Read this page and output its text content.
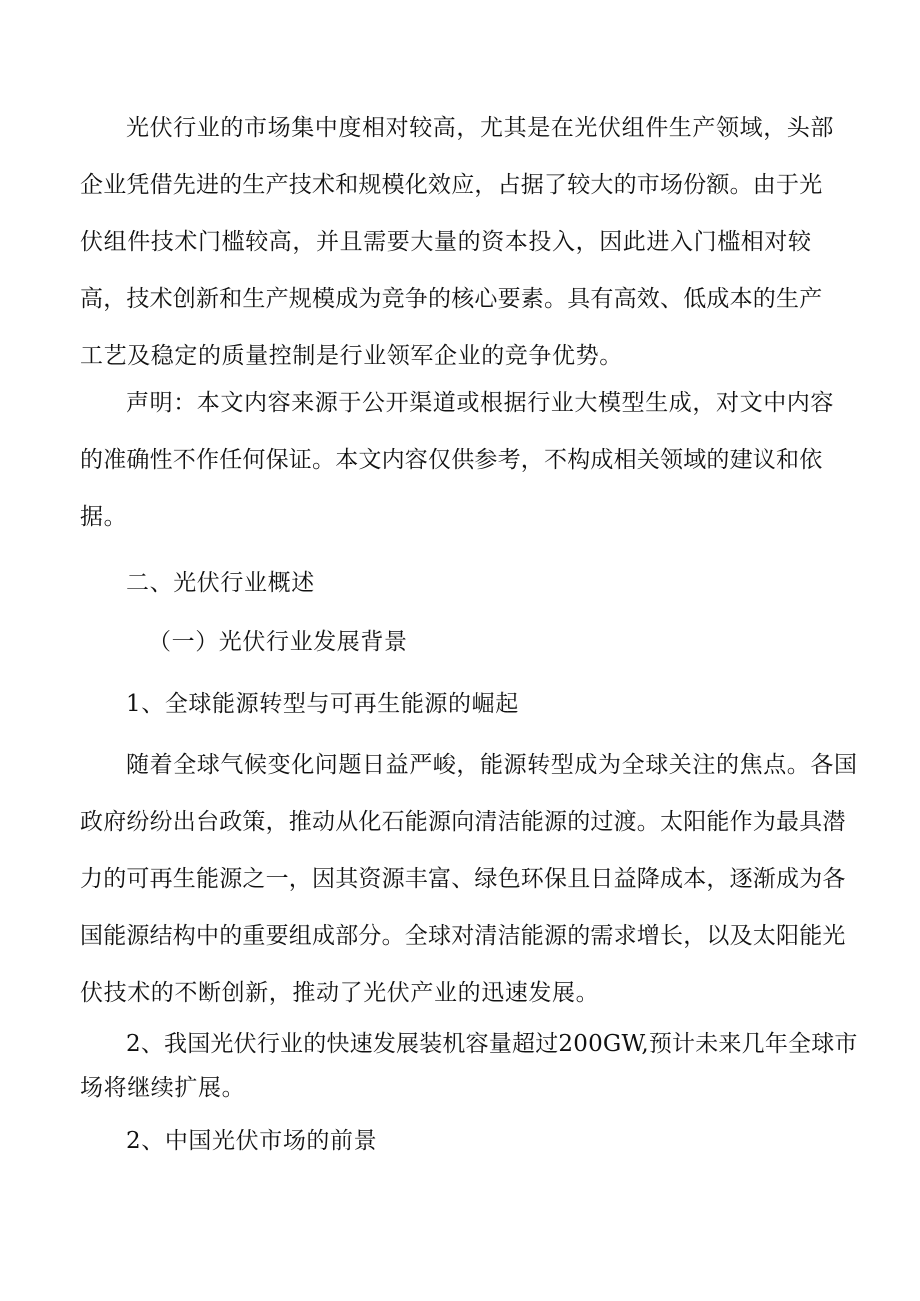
光伏行业的市场集中度相对较高，尤其是在光伏组件生产领域，头部
企业凭借先进的生产技术和规模化效应，占据了较大的市场份额。由于光
伏组件技术门槛较高，并且需要大量的资本投入，因此进入门槛相对较
高，技术创新和生产规模成为竞争的核心要素。具有高效、低成本的生产
工艺及稳定的质量控制是行业领军企业的竞争优势。

声明：本文内容来源于公开渠道或根据行业大模型生成，对文中内容
的准确性不作任何保证。本文内容仅供参考，不构成相关领域的建议和依
据。

二、光伏行业概述
（一）光伏行业发展背景
1、全球能源转型与可再生能源的崛起

随着全球气候变化问题日益严峻，能源转型成为全球关注的焦点。各国
政府纷纷出台政策，推动从化石能源向清洁能源的过渡。太阳能作为最具潜
力的可再生能源之一，因其资源丰富、绿色环保且日益降成本，逐渐成为各
国能源结构中的重要组成部分。全球对清洁能源的需求增长，以及太阳能光
伏技术的不断创新，推动了光伏产业的迅速发展。

2、我国光伏行业的快速发展装机容量超过200GW,预计未来几年全球市
场将继续扩展。

2、中国光伏市场的前景
